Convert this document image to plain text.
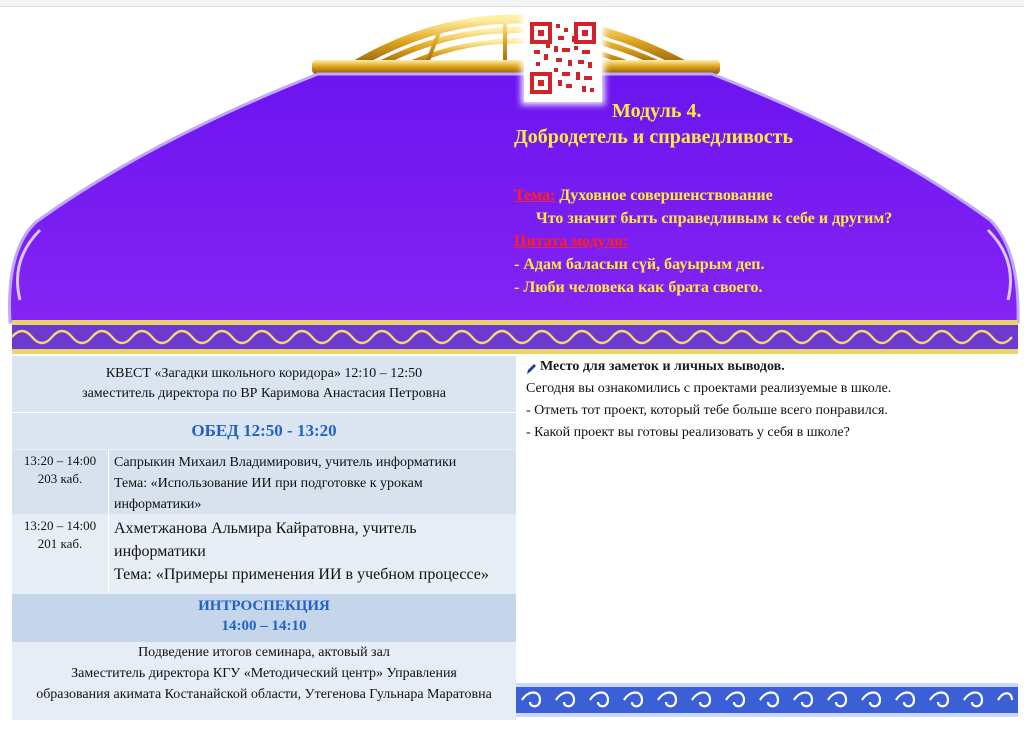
Модуль 4.
Добродетель и справедливость
Тема: Духовное совершенствование
Что значит быть справедливым к себе и другим?
Цитата модуля:
- Адам баласын сүй, бауырым деп.
- Люби человека как брата своего.
КВЕСТ «Загадки школьного коридора» 12:10 – 12:50
заместитель директора по ВР Каримова Анастасия Петровна
ОБЕД 12:50 - 13:20
13:20 – 14:00
203 каб.
Сапрыкин Михаил Владимирович, учитель информатики
Тема: «Использование ИИ при подготовке к урокам
информатики»
13:20 – 14:00
201 каб.
Ахметжанова Альмира Кайратовна, учитель
информатики
Тема: «Примеры применения ИИ в учебном процессе»
ИНТРОСПЕКЦИЯ
14:00 – 14:10
Подведение итогов семинара, актовый зал
Заместитель директора КГУ «Методический центр» Управления
образования акимата Костанайской области, Утегенова Гульнара Маратовна
Место для заметок и личных выводов.
Сегодня вы ознакомились с проектами реализуемые в школе.
- Отметь тот проект, который тебе больше всего понравился.
- Какой проект вы готовы реализовать у себя в школе?
